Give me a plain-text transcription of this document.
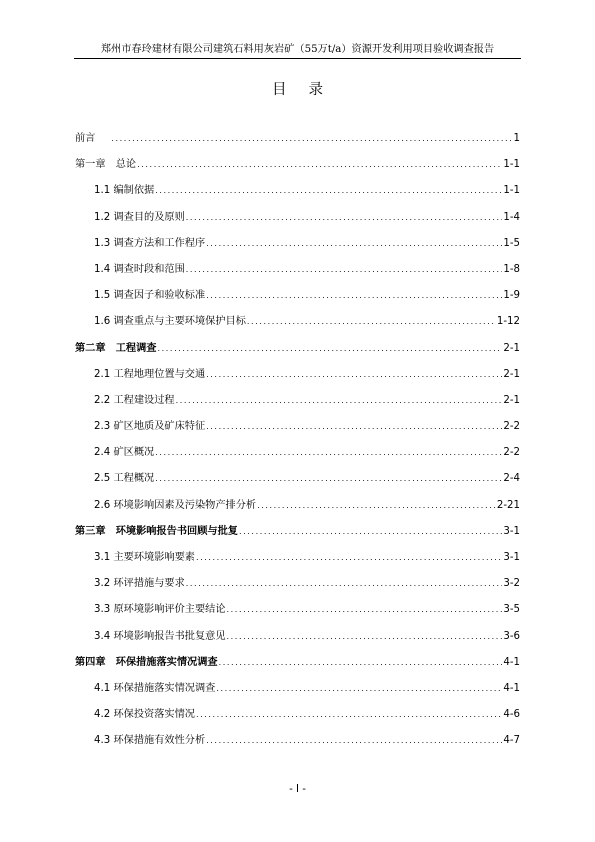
郑州市春玲建材有限公司建筑石料用灰岩矿（55万t/a）资源开发利用项目验收调查报告
目录
前言 .....	1
第一章　总论 .....	1-1
1.1 编制依据 .....	1-1
1.2 调查目的及原则 .....	1-4
1.3 调查方法和工作程序 .....	1-5
1.4 调查时段和范围 .....	1-8
1.5 调查因子和验收标准 .....	1-9
1.6 调查重点与主要环境保护目标 .....	1-12
第二章　工程调查 .....	2-1
2.1 工程地理位置与交通 .....	2-1
2.2 工程建设过程 .....	2-1
2.3 矿区地质及矿床特征 .....	2-2
2.4 矿区概况 .....	2-2
2.5 工程概况 .....	2-4
2.6 环境影响因素及污染物产排分析 .....	2-21
第三章　环境影响报告书回顾与批复 .....	3-1
3.1 主要环境影响要素 .....	3-1
3.2 环评措施与要求 .....	3-2
3.3 原环境影响评价主要结论 .....	3-5
3.4 环境影响报告书批复意见 .....	3-6
第四章　环保措施落实情况调查 .....	4-1
4.1 环保措施落实情况调查 .....	4-1
4.2 环保投资落实情况 .....	4-6
4.3 环保措施有效性分析 .....	4-7
- I -
